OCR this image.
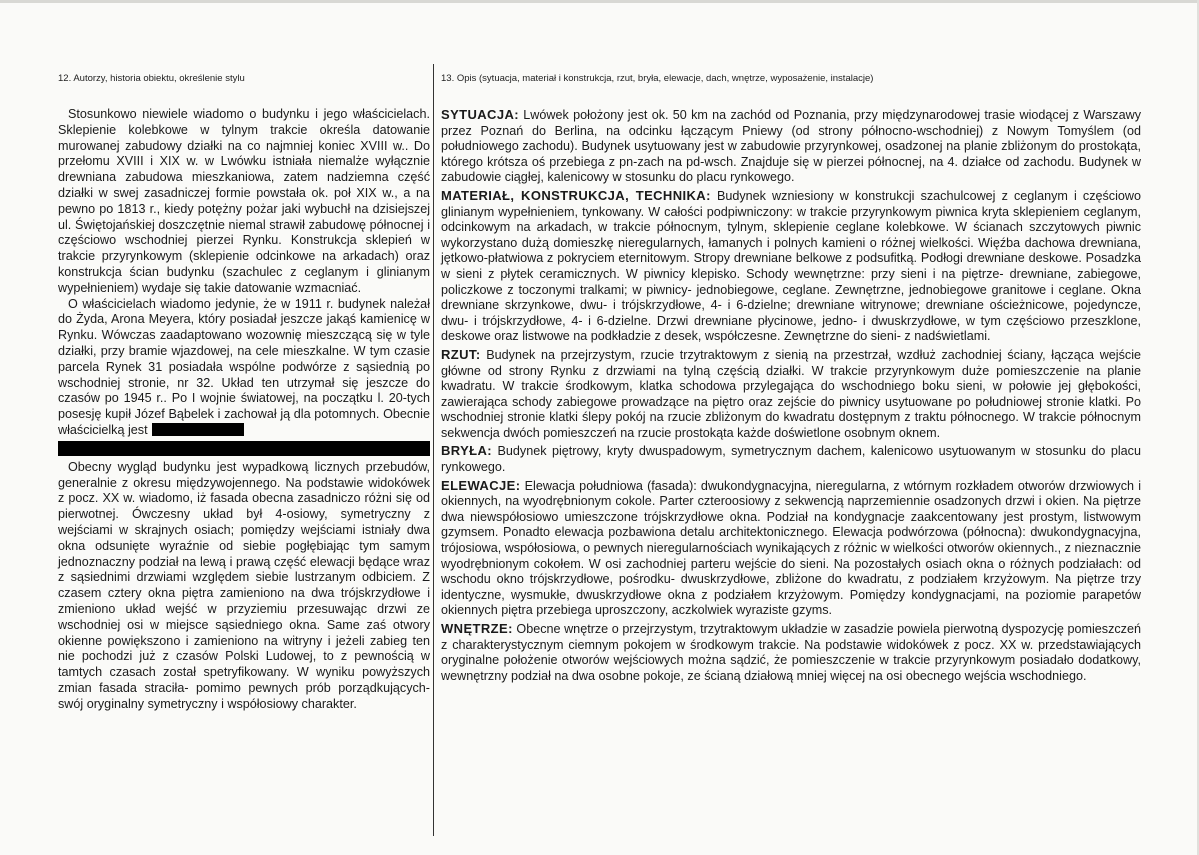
12. Autorzy, historia obiektu, określenie stylu	13. Opis (sytuacja, materiał i konstrukcja, rzut, bryła, elewacje, dach, wnętrze, wyposażenie, instalacje)

Stosunkowo niewiele wiadomo o budynku i jego właścicielach. Sklepienie kolebkowe w tylnym trakcie określa datowanie murowanej zabudowy działki na co najmniej koniec XVIII w.. Do przełomu XVIII i XIX w. w Lwówku istniała niemalże wyłącznie drewniana zabudowa mieszkaniowa, zatem nadziemna część działki w swej zasadniczej formie powstała ok. poł XIX w., a na pewno po 1813 r., kiedy potężny pożar jaki wybuchł na dzisiejszej ul. Świętojańskiej doszczętnie niemal strawił zabudowę północnej i częściowo wschodniej pierzei Rynku. Konstrukcja sklepień w trakcie przyrynkowym (sklepienie odcinkowe na arkadach) oraz konstrukcja ścian budynku (szachulec z ceglanym i glinianym wypełnieniem) wydaje się takie datowanie wzmacniać.

O właścicielach wiadomo jedynie, że w 1911 r. budynek należał do Żyda, Arona Meyera, który posiadał jeszcze jakąś kamienicę w Rynku. Wówczas zaadaptowano wozownię mieszczącą się w tyle działki, przy bramie wjazdowej, na cele mieszkalne. W tym czasie parcela Rynek 31 posiadała wspólne podwórze z sąsiednią po wschodniej stronie, nr 32. Układ ten utrzymał się jeszcze do czasów po 1945 r.. Po I wojnie światowej, na początku l. 20-tych posesję kupił Józef Bąbelek i zachował ją dla potomnych. Obecnie właścicielką jest

Obecny wygląd budynku jest wypadkową licznych przebudów, generalnie z okresu międzywojennego. Na podstawie widokówek z pocz. XX w. wiadomo, iż fasada obecna zasadniczo różni się od pierwotnej. Ówczesny układ był 4-osiowy, symetryczny z wejściami w skrajnych osiach; pomiędzy wejściami istniały dwa okna odsunięte wyraźnie od siebie pogłębiając tym samym jednoznaczny podział na lewą i prawą część elewacji będące wraz z sąsiednimi drzwiami względem siebie lustrzanym odbiciem. Z czasem cztery okna piętra zamieniono na dwa trójskrzydłowe i zmieniono układ wejść w przyziemiu przesuwając drzwi ze wschodniej osi w miejsce sąsiedniego okna. Same zaś otwory okienne powiększono i zamieniono na witryny i jeżeli zabieg ten nie pochodzi już z czasów Polski Ludowej, to z pewnością w tamtych czasach został spetryfikowany. W wyniku powyższych zmian fasada straciła- pomimo pewnych prób porządkujących- swój oryginalny symetryczny i współosiowy charakter.

SYTUACJA: Lwówek położony jest ok. 50 km na zachód od Poznania, przy międzynarodowej trasie wiodącej z Warszawy przez Poznań do Berlina, na odcinku łączącym Pniewy (od strony północno-wschodniej) z Nowym Tomyślem (od południowego zachodu). Budynek usytuowany jest w zabudowie przyrynkowej, osadzonej na planie zbliżonym do prostokąta, którego krótsza oś przebiega z pn-zach na pd-wsch. Znajduje się w pierzei północnej, na 4. działce od zachodu. Budynek w zabudowie ciągłej, kalenicowy w stosunku do placu rynkowego.

MATERIAŁ, KONSTRUKCJA, TECHNIKA: Budynek wzniesiony w konstrukcji szachulcowej z ceglanym i częściowo glinianym wypełnieniem, tynkowany. W całości podpiwniczony: w trakcie przyrynkowym piwnica kryta sklepieniem ceglanym, odcinkowym na arkadach, w trakcie północnym, tylnym, sklepienie ceglane kolebkowe. W ścianach szczytowych piwnic wykorzystano dużą domieszkę nieregularnych, łamanych i polnych kamieni o różnej wielkości. Więźba dachowa drewniana, jętkowo-płatwiowa z pokryciem eternitowym. Stropy drewniane belkowe z podsufitką. Podłogi drewniane deskowe. Posadzka w sieni z płytek ceramicznych. W piwnicy klepisko. Schody wewnętrzne: przy sieni i na piętrze- drewniane, zabiegowe, policzkowe z toczonymi tralkami; w piwnicy- jednobiegowe, ceglane. Zewnętrzne, jednobiegowe granitowe i ceglane. Okna drewniane skrzynkowe, dwu- i trójskrzydłowe, 4- i 6-dzielne; drewniane witrynowe; drewniane ościeżnicowe, pojedyncze, dwu- i trójskrzydłowe, 4- i 6-dzielne. Drzwi drewniane płycinowe, jedno- i dwuskrzydłowe, w tym częściowo przeszklone, deskowe oraz listwowe na podkładzie z desek, współczesne. Zewnętrzne do sieni- z nadświetlami.

RZUT: Budynek na przejrzystym, rzucie trzytraktowym z sienią na przestrzał, wzdłuż zachodniej ściany, łącząca wejście główne od strony Rynku z drzwiami na tylną częścią działki. W trakcie przyrynkowym duże pomieszczenie na planie kwadratu. W trakcie środkowym, klatka schodowa przylegająca do wschodniego boku sieni, w połowie jej głębokości, zawierająca schody zabiegowe prowadzące na piętro oraz zejście do piwnicy usytuowane po południowej stronie klatki. Po wschodniej stronie klatki ślepy pokój na rzucie zbliżonym do kwadratu dostępnym z traktu północnego. W trakcie północnym sekwencja dwóch pomieszczeń na rzucie prostokąta każde doświetlone osobnym oknem.

BRYŁA: Budynek piętrowy, kryty dwuspadowym, symetrycznym dachem, kalenicowo usytuowanym w stosunku do placu rynkowego.

ELEWACJE: Elewacja południowa (fasada): dwukondygnacyjna, nieregularna, z wtórnym rozkładem otworów drzwiowych i okiennych, na wyodrębnionym cokole. Parter czteroosiowy z sekwencją naprzemiennie osadzonych drzwi i okien. Na piętrze dwa niewspółosiowo umieszczone trójskrzydłowe okna. Podział na kondygnacje zaakcentowany jest prostym, listwowym gzymsem. Ponadto elewacja pozbawiona detalu architektonicznego. Elewacja podwórzowa (północna): dwukondygnacyjna, trójosiowa, współosiowa, o pewnych nieregularnościach wynikających z różnic w wielkości otworów okiennych., z nieznacznie wyodrębnionym cokołem. W osi zachodniej parteru wejście do sieni. Na pozostałych osiach okna o różnych podziałach: od wschodu okno trójskrzydłowe, pośrodku- dwuskrzydłowe, zbliżone do kwadratu, z podziałem krzyżowym. Na piętrze trzy identyczne, wysmukłe, dwuskrzydłowe okna z podziałem krzyżowym. Pomiędzy kondygnacjami, na poziomie parapetów okiennych piętra przebiega uproszczony, aczkolwiek wyraziste gzyms.

WNĘTRZE: Obecne wnętrze o przejrzystym, trzytraktowym układzie w zasadzie powiela pierwotną dyspozycję pomieszczeń z charakterystycznym ciemnym pokojem w środkowym trakcie. Na podstawie widokówek z pocz. XX w. przedstawiających oryginalne położenie otworów wejściowych można sądzić, że pomieszczenie w trakcie przyrynkowym posiadało dodatkowy, wewnętrzny podział na dwa osobne pokoje, ze ścianą działową mniej więcej na osi obecnego wejścia wschodniego.
